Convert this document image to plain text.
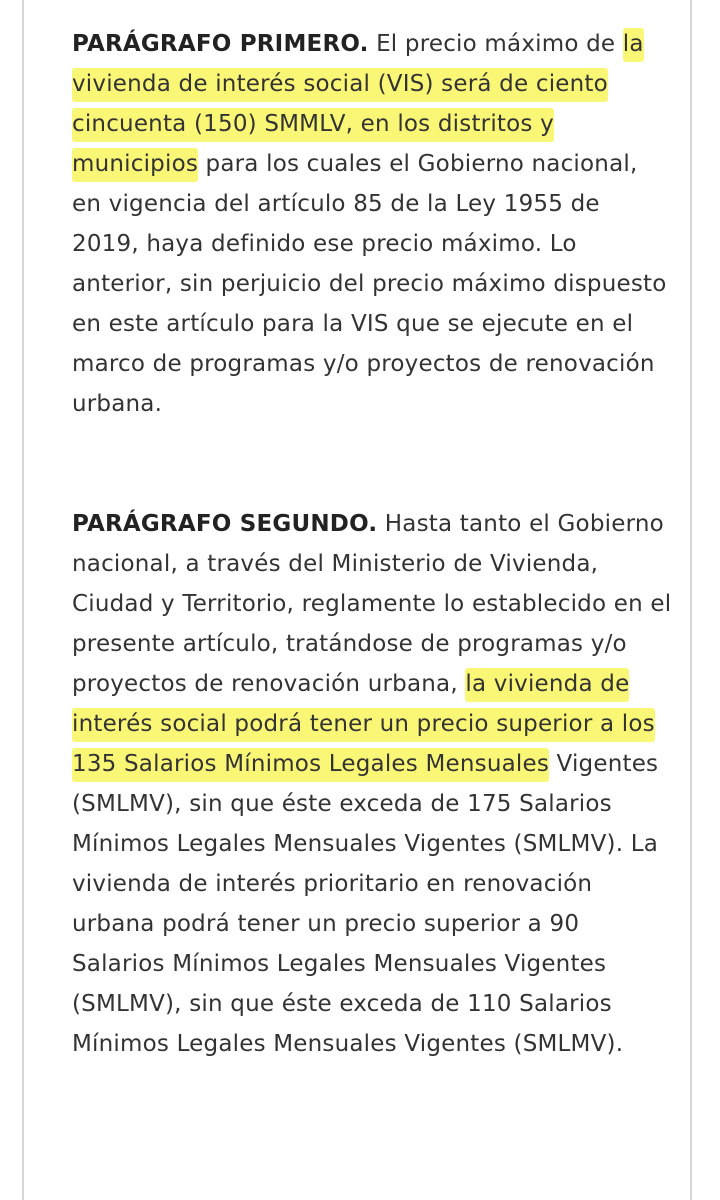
PARÁGRAFO PRIMERO. El precio máximo de la vivienda de interés social (VIS) será de ciento cincuenta (150) SMMLV, en los distritos y municipios para los cuales el Gobierno nacional, en vigencia del artículo 85 de la Ley 1955 de 2019, haya definido ese precio máximo. Lo anterior, sin perjuicio del precio máximo dispuesto en este artículo para la VIS que se ejecute en el marco de programas y/o proyectos de renovación urbana.

PARÁGRAFO SEGUNDO. Hasta tanto el Gobierno nacional, a través del Ministerio de Vivienda, Ciudad y Territorio, reglamente lo establecido en el presente artículo, tratándose de programas y/o proyectos de renovación urbana, la vivienda de interés social podrá tener un precio superior a los 135 Salarios Mínimos Legales Mensuales Vigentes (SMLMV), sin que éste exceda de 175 Salarios Mínimos Legales Mensuales Vigentes (SMLMV). La vivienda de interés prioritario en renovación urbana podrá tener un precio superior a 90 Salarios Mínimos Legales Mensuales Vigentes (SMLMV), sin que éste exceda de 110 Salarios Mínimos Legales Mensuales Vigentes (SMLMV).
